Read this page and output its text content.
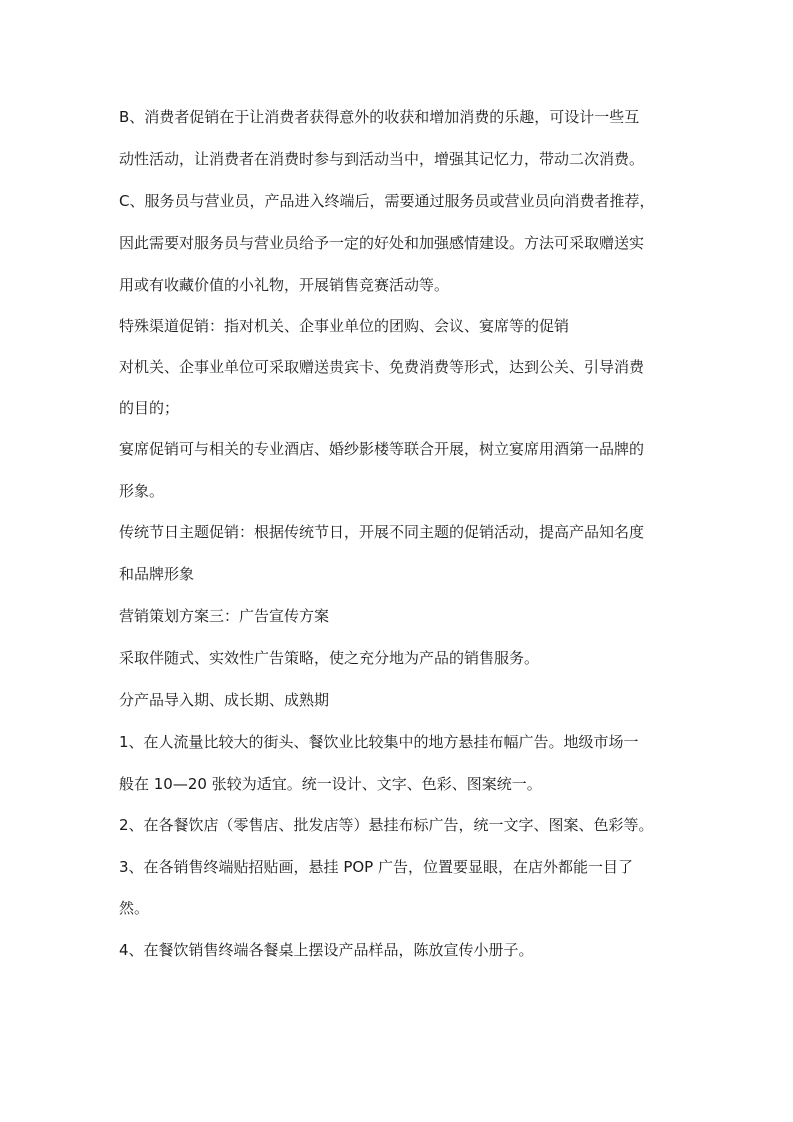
B、消费者促销在于让消费者获得意外的收获和增加消费的乐趣，可设计一些互
动性活动，让消费者在消费时参与到活动当中，增强其记忆力，带动二次消费。
C、服务员与营业员，产品进入终端后，需要通过服务员或营业员向消费者推荐，
因此需要对服务员与营业员给予一定的好处和加强感情建设。方法可采取赠送实
用或有收藏价值的小礼物，开展销售竞赛活动等。
特殊渠道促销：指对机关、企事业单位的团购、会议、宴席等的促销
对机关、企事业单位可采取赠送贵宾卡、免费消费等形式，达到公关、引导消费
的目的；
宴席促销可与相关的专业酒店、婚纱影楼等联合开展，树立宴席用酒第一品牌的
形象。
传统节日主题促销：根据传统节日，开展不同主题的促销活动，提高产品知名度
和品牌形象
营销策划方案三：广告宣传方案
采取伴随式、实效性广告策略，使之充分地为产品的销售服务。
分产品导入期、成长期、成熟期
1、在人流量比较大的街头、餐饮业比较集中的地方悬挂布幅广告。地级市场一
般在 10—20 张较为适宜。统一设计、文字、色彩、图案统一。
2、在各餐饮店（零售店、批发店等）悬挂布标广告，统一文字、图案、色彩等。
3、在各销售终端贴招贴画，悬挂 POP 广告，位置要显眼，在店外都能一目了
然。
4、在餐饮销售终端各餐桌上摆设产品样品，陈放宣传小册子。
